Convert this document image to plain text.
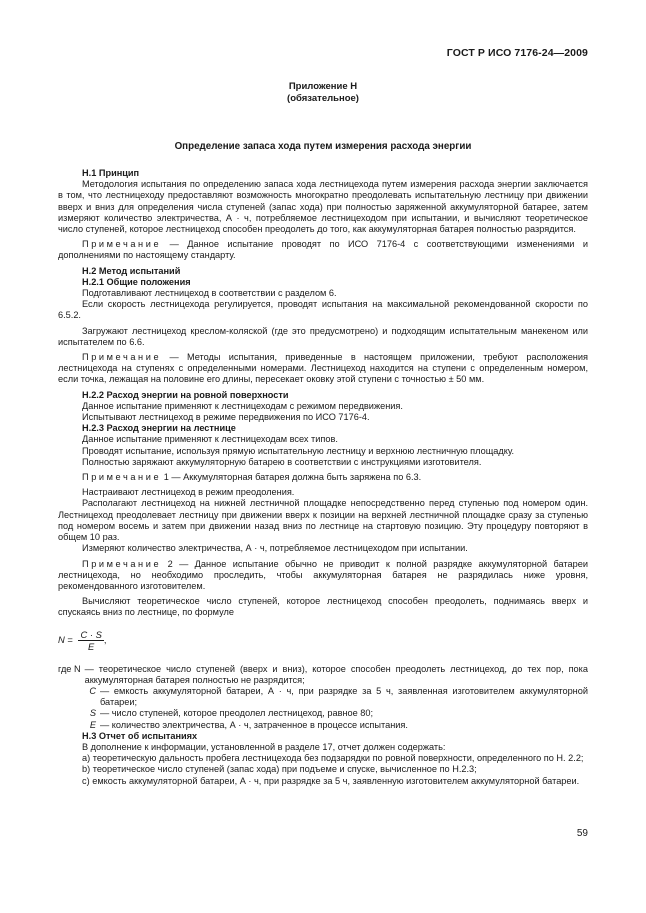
ГОСТ Р ИСО 7176-24—2009
Приложение Н
(обязательное)
Определение запаса хода путем измерения расхода энергии

Н.1 Принцип

Методология испытания по определению запаса хода лестницехода путем измерения расхода энергии заключается в том, что лестницеходу предоставляют возможность многократно преодолевать испытательную лестницу при движении вверх и вниз для определения числа ступеней (запас хода) при полностью заряженной аккумуляторной батарее, затем измеряют количество электричества, А · ч, потребляемое лестницеходом при испытании, и вычисляют теоретическое число ступеней, которое лестницеход способен преодолеть до того, как аккумуляторная батарея полностью разрядится.

Примечание — Данное испытание проводят по ИСО 7176-4 с соответствующими изменениями и дополнениями по настоящему стандарту.

Н.2 Метод испытаний

Н.2.1 Общие положения

Подготавливают лестницеход в соответствии с разделом 6.

Если скорость лестницехода регулируется, проводят испытания на максимальной рекомендованной скорости по 6.5.2.

Загружают лестницеход креслом-коляской (где это предусмотрено) и подходящим испытательным манекеном или испытателем по 6.6.

Примечание — Методы испытания, приведенные в настоящем приложении, требуют расположения лестницехода на ступенях с определенными номерами. Лестницеход находится на ступени с определенным номером, если точка, лежащая на половине его длины, пересекает оковку этой ступени с точностью ± 50 мм.

Н.2.2 Расход энергии на ровной поверхности

Данное испытание применяют к лестницеходам с режимом передвижения.

Испытывают лестницеход в режиме передвижения по ИСО 7176-4.

Н.2.3 Расход энергии на лестнице

Данное испытание применяют к лестницеходам всех типов.

Проводят испытание, используя прямую испытательную лестницу и верхнюю лестничную площадку.

Полностью заряжают аккумуляторную батарею в соответствии с инструкциями изготовителя.

Примечание 1 — Аккумуляторная батарея должна быть заряжена по 6.3.

Настраивают лестницеход в режим преодоления.

Располагают лестницеход на нижней лестничной площадке непосредственно перед ступенью под номером один. Лестницеход преодолевает лестницу при движении вверх к позиции на верхней лестничной площадке сразу за ступенью под номером восемь и затем при движении назад вниз по лестнице на стартовую позицию. Эту процедуру повторяют в общем 10 раз.

Измеряют количество электричества, А · ч, потребляемое лестницеходом при испытании.

Примечание 2 — Данное испытание обычно не приводит к полной разрядке аккумуляторной батареи лестницехода, но необходимо проследить, чтобы аккумуляторная батарея не разрядилась ниже уровня, рекомендованного изготовителем.

Вычисляют теоретическое число ступеней, которое лестницеход способен преодолеть, поднимаясь вверх и спускаясь вниз по лестнице, по формуле

$N = \frac{C \cdot S}{E}$ ,

где N — теоретическое число ступеней (вверх и вниз), которое способен преодолеть лестницеход, до тех пор, пока аккумуляторная батарея полностью не разрядится;
C — емкость аккумуляторной батареи, А · ч, при разрядке за 5 ч, заявленная изготовителем аккумуляторной батареи;
S — число ступеней, которое преодолел лестницеход, равное 80;
E — количество электричества, А · ч, затраченное в процессе испытания.

Н.3 Отчет об испытаниях

В дополнение к информации, установленной в разделе 17, отчет должен содержать:

а) теоретическую дальность пробега лестницехода без подзарядки по ровной поверхности, определенного по Н. 2.2;

b) теоретическое число ступеней (запас хода) при подъеме и спуске, вычисленное по Н.2.3;

c) емкость аккумуляторной батареи, А · ч, при разрядке за 5 ч, заявленную изготовителем аккумуляторной батареи.

59
